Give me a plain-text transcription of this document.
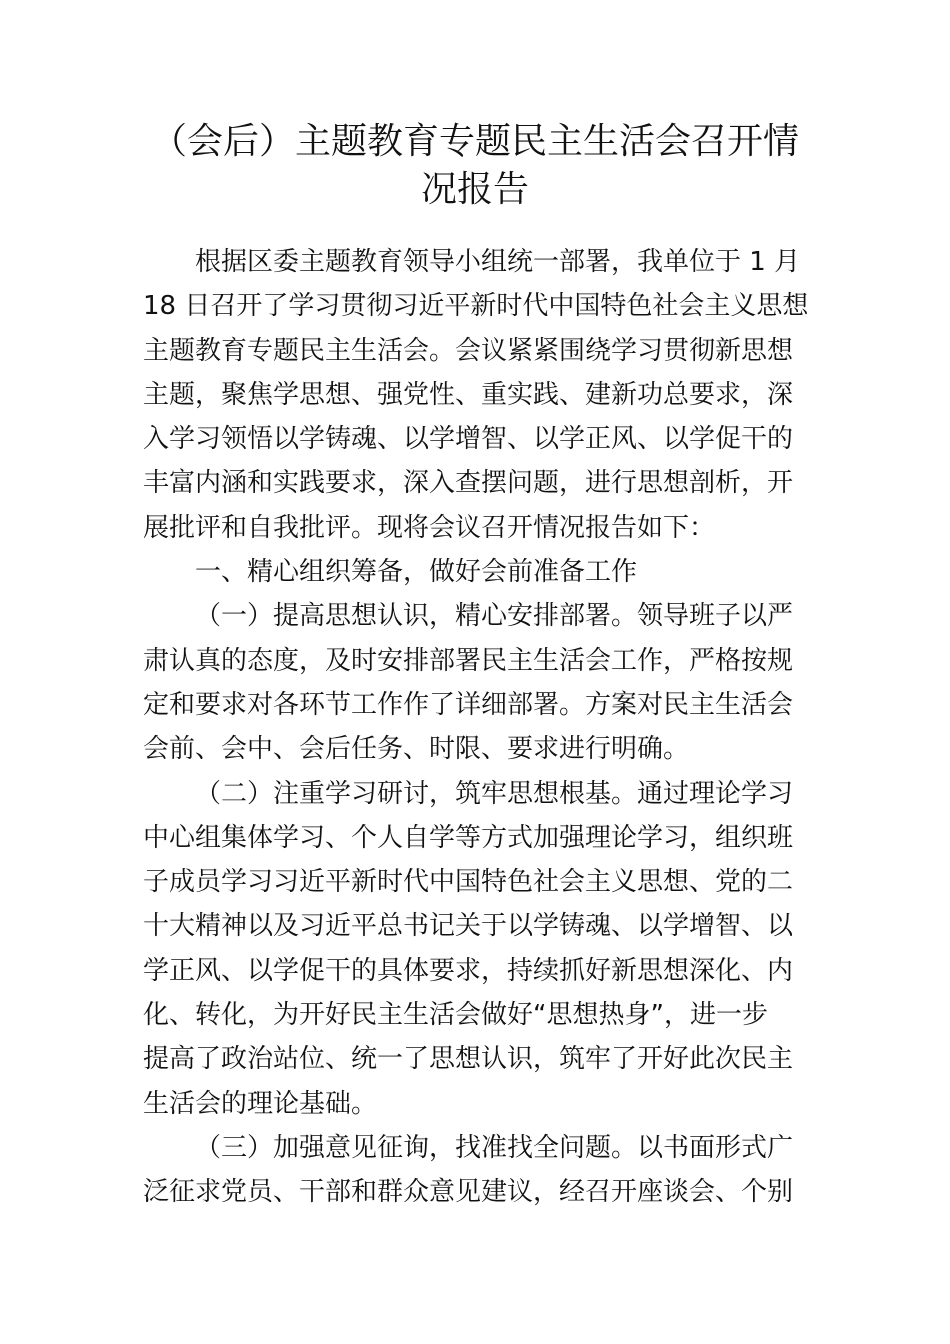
（会后）主题教育专题民主生活会召开情
况报告
根据区委主题教育领导小组统一部署，我单位于 1 月
18 日召开了学习贯彻习近平新时代中国特色社会主义思想
主题教育专题民主生活会。会议紧紧围绕学习贯彻新思想
主题，聚焦学思想、强党性、重实践、建新功总要求，深
入学习领悟以学铸魂、以学增智、以学正风、以学促干的
丰富内涵和实践要求，深入查摆问题，进行思想剖析，开
展批评和自我批评。现将会议召开情况报告如下：
一、精心组织筹备，做好会前准备工作
（一）提高思想认识，精心安排部署。领导班子以严
肃认真的态度，及时安排部署民主生活会工作，严格按规
定和要求对各环节工作作了详细部署。方案对民主生活会
会前、会中、会后任务、时限、要求进行明确。
（二）注重学习研讨，筑牢思想根基。通过理论学习
中心组集体学习、个人自学等方式加强理论学习，组织班
子成员学习习近平新时代中国特色社会主义思想、党的二
十大精神以及习近平总书记关于以学铸魂、以学增智、以
学正风、以学促干的具体要求，持续抓好新思想深化、内
化、转化，为开好民主生活会做好“思想热身”，进一步
提高了政治站位、统一了思想认识，筑牢了开好此次民主
生活会的理论基础。
（三）加强意见征询，找准找全问题。以书面形式广
泛征求党员、干部和群众意见建议，经召开座谈会、个别
